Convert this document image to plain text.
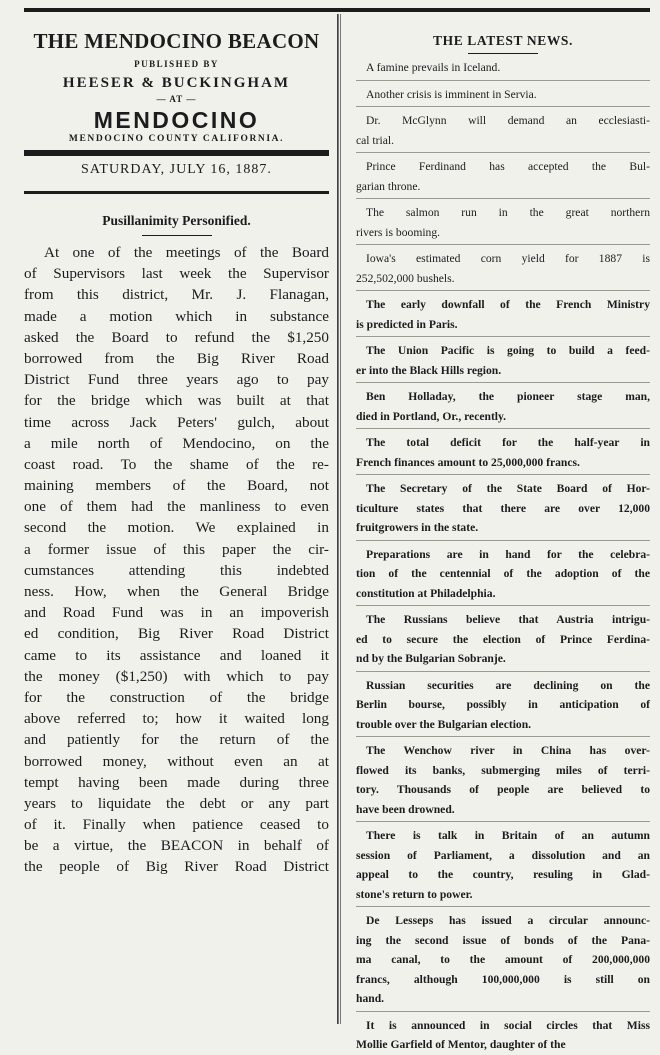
THE MENDOCINO BEACON
PUBLISHED BY
HEESER & BUCKINGHAM
— AT —
MENDOCINO
MENDOCINO COUNTY CALIFORNIA.
SATURDAY, JULY 16, 1887.
Pusillanimity Personified.
At one of the meetings of the Board
of Supervisors last week the Supervisor
from this district, Mr. J. Flanagan,
made a motion which in substance
asked the Board to refund the $1,250
borrowed from the Big River Road
District Fund three years ago to pay
for the bridge which was built at that
time across Jack Peters' gulch, about
a mile north of Mendocino, on the
coast road. To the shame of the re-
maining members of the Board, not
one of them had the manliness to even
second the motion. We explained in
a former issue of this paper the cir-
cumstances attending this indebted
ness. How, when the General Bridge
and Road Fund was in an impoverish
ed condition, Big River Road District
came to its assistance and loaned it
the money ($1,250) with which to pay
for the construction of the bridge
above referred to; how it waited long
and patiently for the return of the
borrowed money, without even an at
tempt having been made during three
years to liquidate the debt or any part
of it. Finally when patience ceased to
be a virtue, the BEACON in behalf of
the people of Big River Road District
THE LATEST NEWS.
A famine prevails in Iceland.
Another crisis is imminent in Servia.
Dr. McGlynn will demand an ecclesiasti-
cal trial.
Prince Ferdinand has accepted the Bul-
garian throne.
The salmon run in the great northern
rivers is booming.
Iowa's estimated corn yield for 1887 is
252,502,000 bushels.
The early downfall of the French Ministry
is predicted in Paris.
The Union Pacific is going to build a feed-
er into the Black Hills region.
Ben Holladay, the pioneer stage man,
died in Portland, Or., recently.
The total deficit for the half-year in
French finances amount to 25,000,000 francs.
The Secretary of the State Board of Hor-
ticulture states that there are over 12,000
fruitgrowers in the state.
Preparations are in hand for the celebra-
tion of the centennial of the adoption of the
constitution at Philadelphia.
The Russians believe that Austria intrigu-
ed to secure the election of Prince Ferdina-
nd by the Bulgarian Sobranje.
Russian securities are declining on the
Berlin bourse, possibly in anticipation of
trouble over the Bulgarian election.
The Wenchow river in China has over-
flowed its banks, submerging miles of terri-
tory. Thousands of people are believed to
have been drowned.
There is talk in Britain of an autumn
session of Parliament, a dissolution and an
appeal to the country, resuling in Glad-
stone's return to power.
De Lesseps has issued a circular announc-
ing the second issue of bonds of the Pana-
ma canal, to the amount of 200,000,000
francs, although 100,000,000 is still on
hand.
It is announced in social circles that Miss
Mollie Garfield of Mentor, daughter of the
